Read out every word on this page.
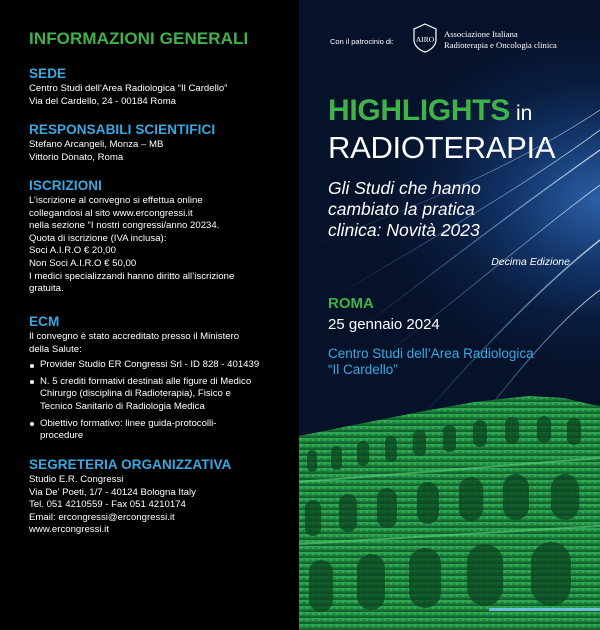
INFORMAZIONI GENERALI
SEDE

Centro Studi dell’Area Radiologica “Il Cardello”
Via del Cardello, 24 - 00184 Roma

RESPONSABILI SCIENTIFICI

Stefano Arcangeli, Monza – MB
Vittorio Donato, Roma

ISCRIZIONI

L’iscrizione al convegno si effettua online
collegandosi al sito www.ercongressi.it
nella sezione “I nostri congressi/anno 20234.
Quota di iscrizione (IVA inclusa):
Soci A.I.R.O € 20,00
Non Soci A.I.R.O € 50,00
I medici specializzandi hanno diritto all’iscrizione
gratuita.

ECM

Il convegno è stato accreditato presso il Ministero
della Salute:

Provider Studio ER Congressi Srl - ID 828 - 401439
N. 5 crediti formativi destinati alle figure di Medico
Chirurgo (disciplina di Radioterapia), Fisico e
Tecnico Sanitario di Radiologia Medica
Obiettivo formativo: linee guida-protocolli-
procedure
SEGRETERIA ORGANIZZATIVA

Studio E.R. Congressi
Via De’ Poeti, 1/7 - 40124 Bologna Italy
Tel. 051 4210559 - Fax 051 4210174
Email: ercongressi@ercongressi.it
www.ercongressi.it

Con il patrocinio di:	AIRO
Associazione Italiana
Radioterapia e Oncologia clinica
HIGHLIGHTS in
RADIOTERAPIA
Gli Studi che hanno
cambiato la pratica
clinica: Novità 2023
Decima Edizione
ROMA
25 gennaio 2024
Centro Studi dell’Area Radiologica
“Il Cardello”
